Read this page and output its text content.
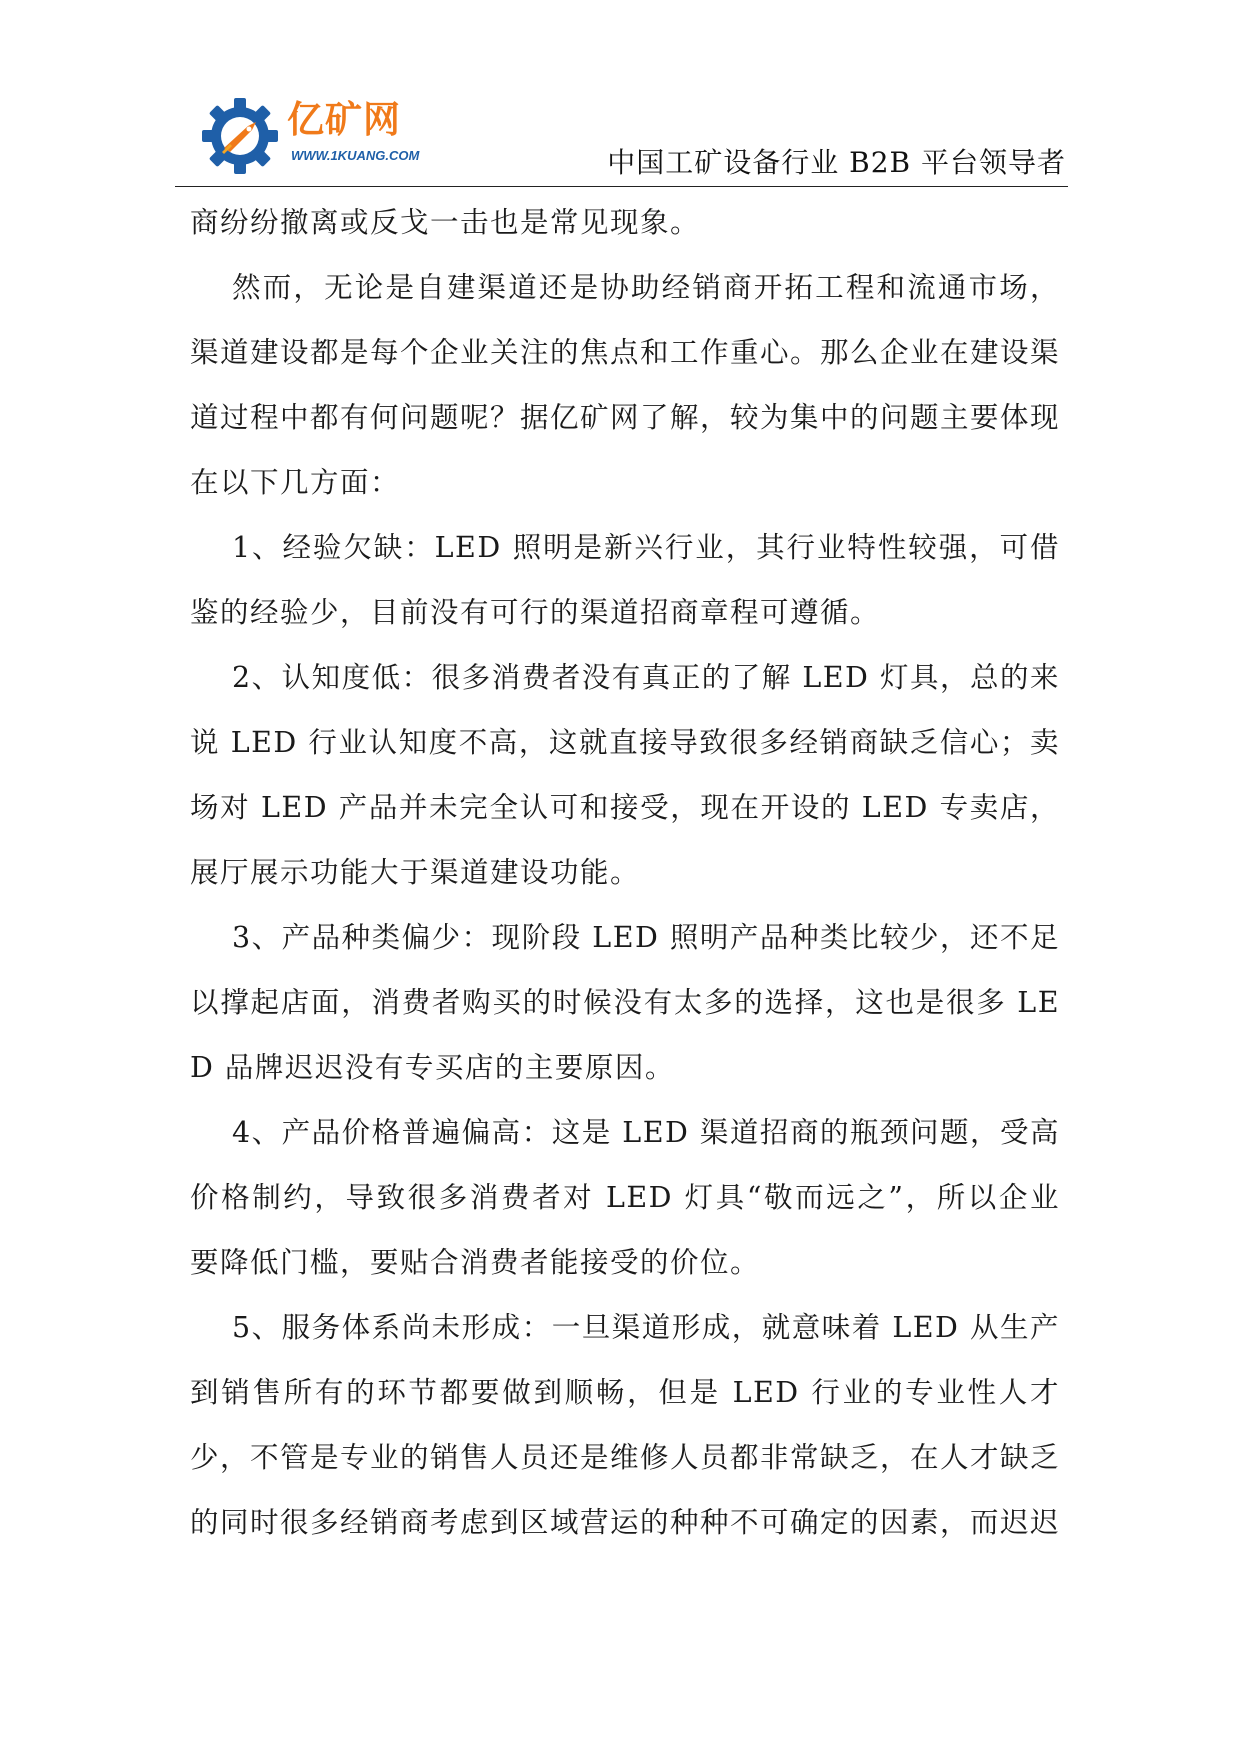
亿矿网
WWW.1KUANG.COM	中国工矿设备行业 B2B 平台领导者

商纷纷撤离或反戈一击也是常见现象。

然而，无论是自建渠道还是协助经销商开拓工程和流通市场，渠道建设都是每个企业关注的焦点和工作重心。那么企业在建设渠道过程中都有何问题呢？据亿矿网了解，较为集中的问题主要体现在以下几方面：

1、经验欠缺：LED 照明是新兴行业，其行业特性较强，可借鉴的经验少，目前没有可行的渠道招商章程可遵循。

2、认知度低：很多消费者没有真正的了解 LED 灯具，总的来说 LED 行业认知度不高，这就直接导致很多经销商缺乏信心；卖场对 LED 产品并未完全认可和接受，现在开设的 LED 专卖店，展厅展示功能大于渠道建设功能。

3、产品种类偏少：现阶段 LED 照明产品种类比较少，还不足以撑起店面，消费者购买的时候没有太多的选择，这也是很多 LED 品牌迟迟没有专买店的主要原因。

4、产品价格普遍偏高：这是 LED 渠道招商的瓶颈问题，受高价格制约，导致很多消费者对 LED 灯具“敬而远之”，所以企业要降低门槛，要贴合消费者能接受的价位。

5、服务体系尚未形成：一旦渠道形成，就意味着 LED 从生产到销售所有的环节都要做到顺畅，但是 LED 行业的专业性人才少，不管是专业的销售人员还是维修人员都非常缺乏，在人才缺乏的同时很多经销商考虑到区域营运的种种不可确定的因素，而迟迟
